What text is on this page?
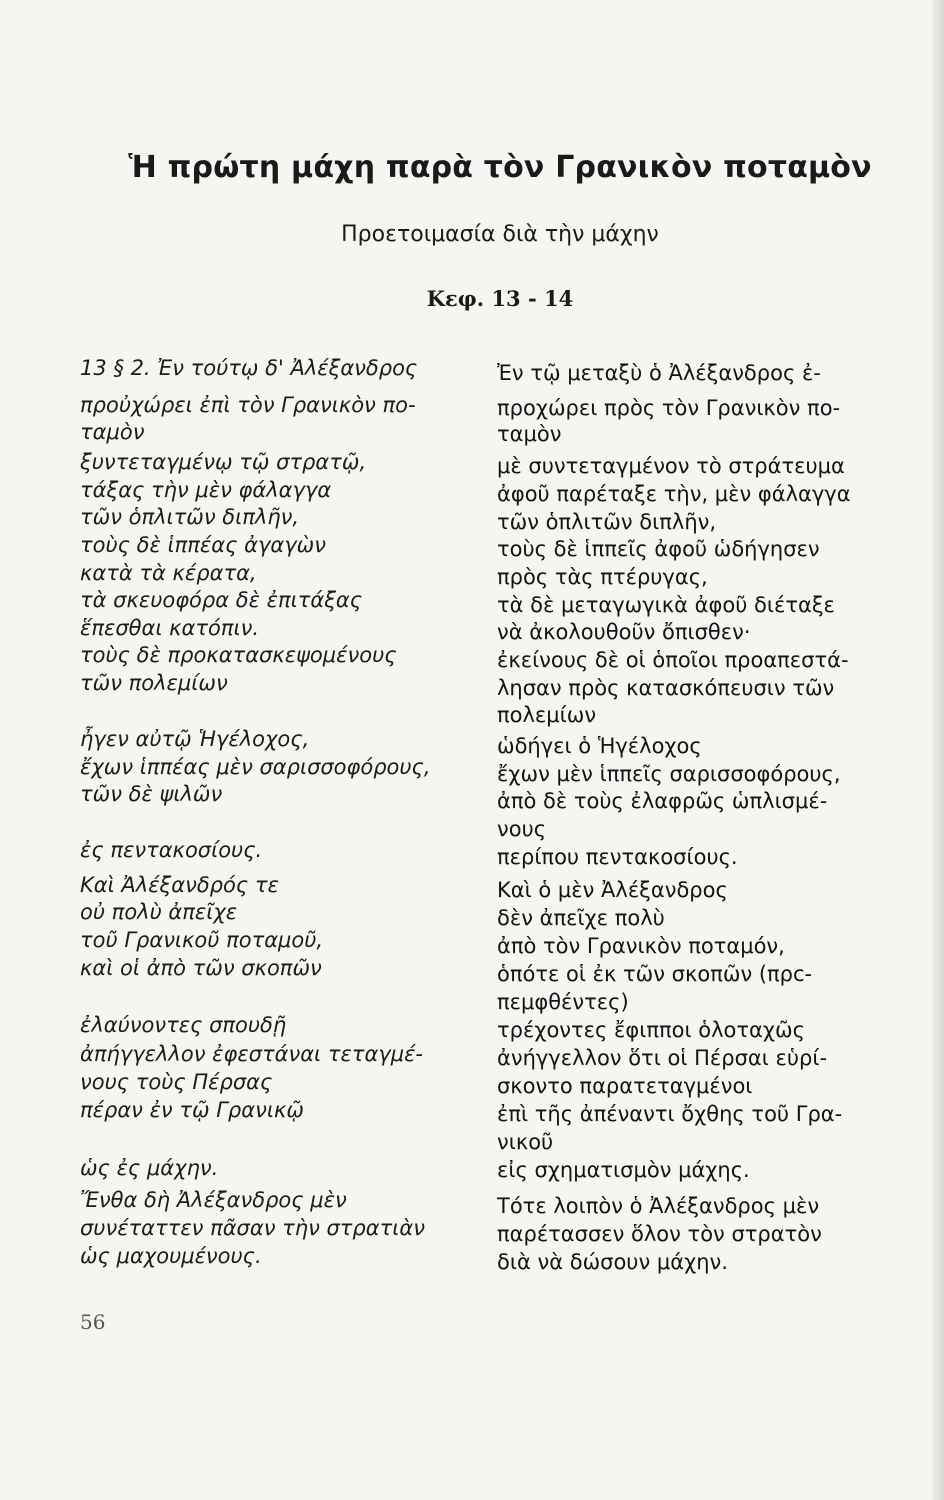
Ἡ πρώτη μάχη παρὰ τὸν Γρανικὸν ποταμὸν
Προετοιμασία διὰ τὴν μάχην
Κεφ. 13 - 14
13 § 2. Ἐν τούτῳ δ' Ἀλέξανδρος
προὐχώρει ἐπὶ τὸν Γρανικὸν πο-
ταμὸν
ξυντεταγμένῳ τῷ στρατῷ,
τάξας τὴν μὲν φάλαγγα
τῶν ὁπλιτῶν διπλῆν,
τοὺς δὲ ἱππέας ἀγαγὼν
κατὰ τὰ κέρατα,
τὰ σκευοφόρα δὲ ἐπιτάξας
ἕπεσθαι κατόπιν.
τοὺς δὲ προκατασκεψομένους
τῶν πολεμίων
ἦγεν αὐτῷ Ἡγέλοχος,
ἔχων ἱππέας μὲν σαρισσοφόρους,
τῶν δὲ ψιλῶν
ἐς πεντακοσίους.
Καὶ Ἀλέξανδρός τε
οὐ πολὺ ἀπεῖχε
τοῦ Γρανικοῦ ποταμοῦ,
καὶ οἱ ἀπὸ τῶν σκοπῶν
ἐλαύνοντες σπουδῇ
ἀπήγγελλον ἐφεστάναι τεταγμέ-
νους τοὺς Πέρσας
πέραν ἐν τῷ Γρανικῷ
ὡς ἐς μάχην.
Ἔνθα δὴ Ἀλέξανδρος μὲν
συνέταττεν πᾶσαν τὴν στρατιὰν
ὡς μαχουμένους.
Ἐν τῷ μεταξὺ ὁ Ἀλέξανδρος ἐ-
προχώρει πρὸς τὸν Γρανικὸν πο-
ταμὸν
μὲ συντεταγμένον τὸ στράτευμα
ἀφοῦ παρέταξε τὴν, μὲν φάλαγγα
τῶν ὁπλιτῶν διπλῆν,
τοὺς δὲ ἱππεῖς ἀφοῦ ὡδήγησεν
πρὸς τὰς πτέρυγας,
τὰ δὲ μεταγωγικὰ ἀφοῦ διέταξε
νὰ ἀκολουθοῦν ὄπισθεν·
ἐκείνους δὲ οἱ ὁποῖοι προαπεστά-
λησαν πρὸς κατασκόπευσιν τῶν
πολεμίων
ὡδήγει ὁ Ἡγέλοχος
ἔχων μὲν ἱππεῖς σαρισσοφόρους,
ἀπὸ δὲ τοὺς ἐλαφρῶς ὡπλισμέ-
νους
περίπου πεντακοσίους.
Καὶ ὁ μὲν Ἀλέξανδρος
δὲν ἀπεῖχε πολὺ
ἀπὸ τὸν Γρανικὸν ποταμόν,
ὁπότε οἱ ἐκ τῶν σκοπῶν (πρc-
πεμφθέντες)
τρέχοντες ἔφιπποι ὁλοταχῶς
ἀνήγγελλον ὅτι οἱ Πέρσαι εὑρί-
σκοντο παρατεταγμένοι
ἐπὶ τῆς ἀπέναντι ὄχθης τοῦ Γρα-
νικοῦ
εἰς σχηματισμὸν μάχης.
Τότε λοιπὸν ὁ Ἀλέξανδρος μὲν
παρέτασσεν ὅλον τὸν στρατὸν
διὰ νὰ δώσουν μάχην.
56
